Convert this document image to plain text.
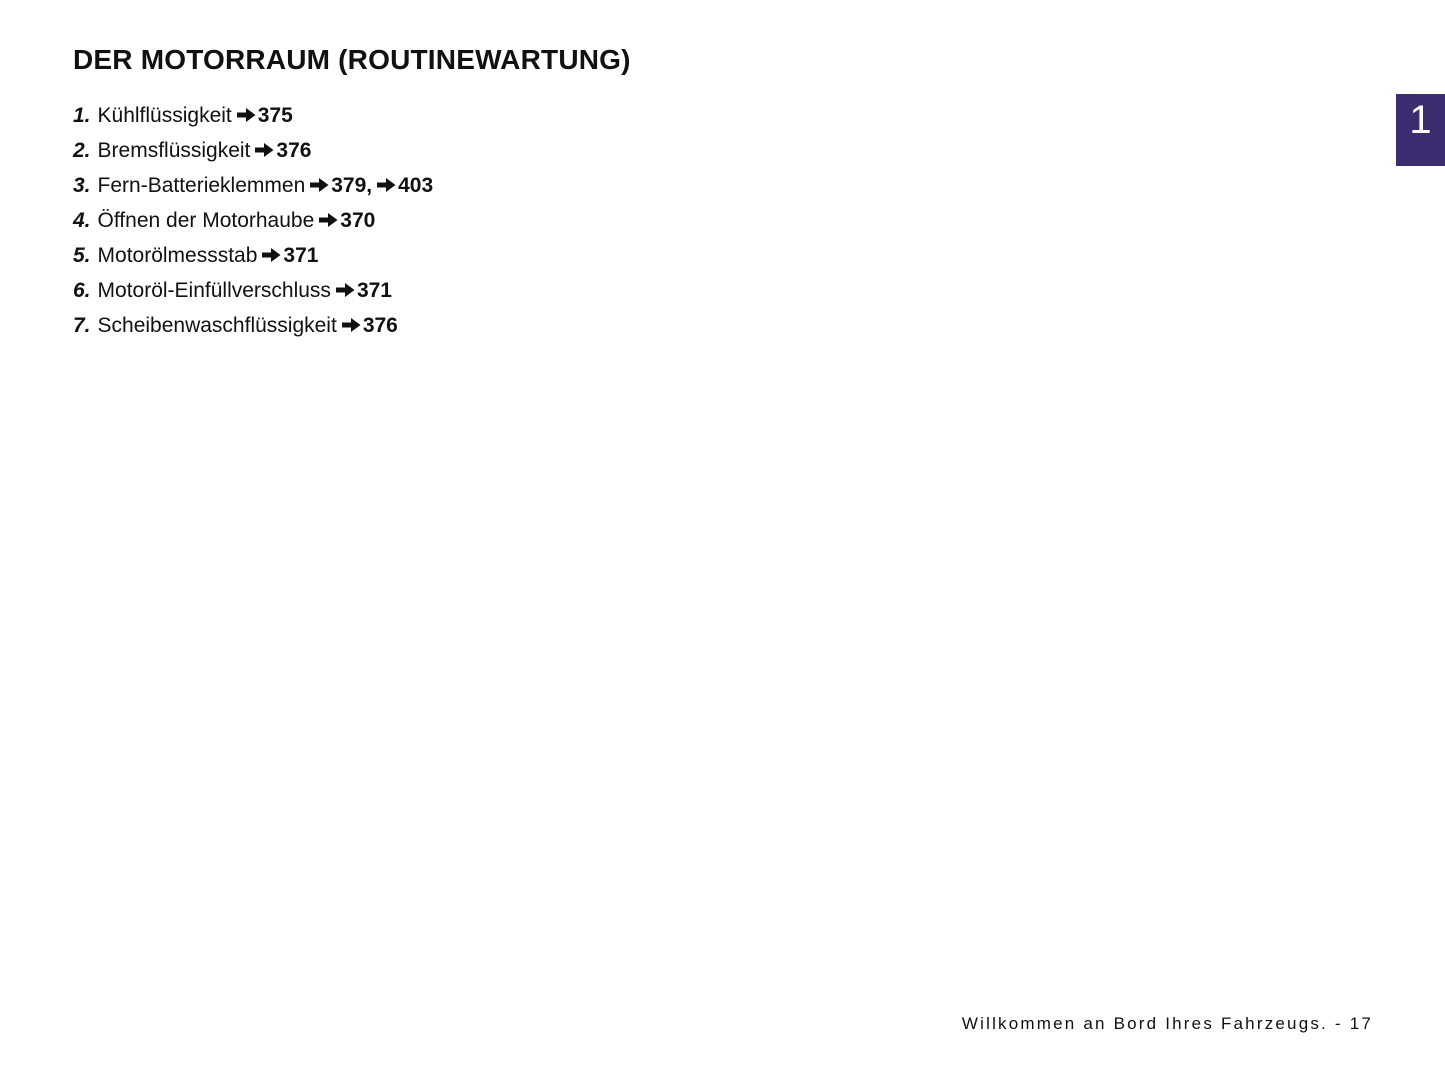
DER MOTORRAUM (ROUTINEWARTUNG)
1. Kühlflüssigkeit 375
2. Bremsflüssigkeit 376
3. Fern-Batterieklemmen 379, 403
4. Öffnen der Motorhaube 370
5. Motorölmessstab 371
6. Motoröl-Einfüllverschluss 371
7. Scheibenwaschflüssigkeit 376
1
Willkommen an Bord Ihres Fahrzeugs. - 17
